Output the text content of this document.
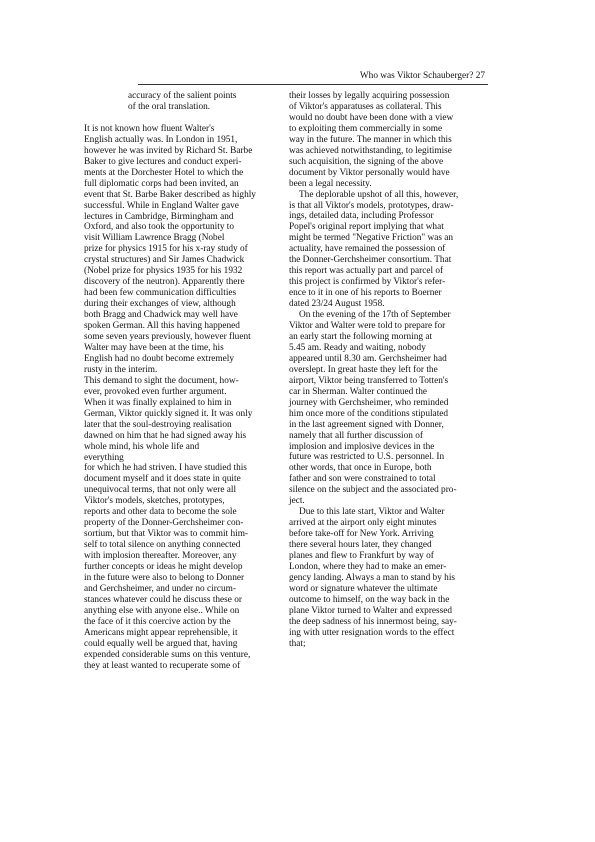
Who was Viktor Schauberger? 27

accuracy of the salient points
of the oral translation.

It is not known how fluent Walter's
English actually was. In London in 1951,
however he was invited by Richard St. Barbe
Baker to give lectures and conduct experi-
ments at the Dorchester Hotel to which the
full diplomatic corps had been invited, an
event that St. Barbe Baker described as highly
successful. While in England Walter gave
lectures in Cambridge, Birmingham and
Oxford, and also took the opportunity to
visit William Lawrence Bragg (Nobel
prize for physics 1915 for his x-ray study of
crystal structures) and Sir James Chadwick
(Nobel prize for physics 1935 for his 1932
discovery of the neutron). Apparently there
had been few communication difficulties
during their exchanges of view, although
both Bragg and Chadwick may well have
spoken German. All this having happened
some seven years previously, however fluent
Walter may have been at the time, his
English had no doubt become extremely
rusty in the interim.

This demand to sight the document, how-
ever, provoked even further argument.
When it was finally explained to him in
German, Viktor quickly signed it. It was only
later that the soul-destroying realisation
dawned on him that he had signed away his
whole mind, his whole life and
everything
for which he had striven. I have studied this
document myself and it does state in quite
unequivocal terms, that not only were all
Viktor's models, sketches, prototypes,
reports and other data to become the sole
property of the Donner-Gerchsheimer con-
sortium, but that Viktor was to commit him-
self to total silence on anything connected
with implosion thereafter. Moreover, any
further concepts or ideas he might develop
in the future were also to belong to Donner
and Gerchsheimer, and under no circum-
stances whatever could he discuss these or
anything else with anyone else.. While on
the face of it this coercive action by the
Americans might appear reprehensible, it
could equally well be argued that, having
expended considerable sums on this venture,
they at least wanted to recuperate some of

their losses by legally acquiring possession
of Viktor's apparatuses as collateral. This
would no doubt have been done with a view
to exploiting them commercially in some
way in the future. The manner in which this
was achieved notwithstanding, to legitimise
such acquisition, the signing of the above
document by Viktor personally would have
been a legal necessity.

The deplorable upshot of all this, however,
is that all Viktor's models, prototypes, draw-
ings, detailed data, including Professor
Popel's original report implying that what
might be termed "Negative Friction" was an
actuality, have remained the possession of
the Donner-Gerchsheimer consortium. That
this report was actually part and parcel of
this project is confirmed by Viktor's refer-
ence to it in one of his reports to Boerner
dated 23/24 August 1958.

On the evening of the 17th of September
Viktor and Walter were told to prepare for
an early start the following morning at
5.45 am. Ready and waiting, nobody
appeared until 8.30 am. Gerchsheimer had
overslept. In great haste they left for the
airport, Viktor being transferred to Totten's
car in Sherman. Walter continued the
journey with Gerchsheimer, who reminded
him once more of the conditions stipulated
in the last agreement signed with Donner,
namely that all further discussion of
implosion and implosive devices in the
future was restricted to U.S. personnel. In
other words, that once in Europe, both
father and son were constrained to total
silence on the subject and the associated pro-
ject.

Due to this late start, Viktor and Walter
arrived at the airport only eight minutes
before take-off for New York. Arriving
there several hours later, they changed
planes and flew to Frankfurt by way of
London, where they had to make an emer-
gency landing. Always a man to stand by his
word or signature whatever the ultimate
outcome to himself, on the way back in the
plane Viktor turned to Walter and expressed
the deep sadness of his innermost being, say-
ing with utter resignation words to the effect
that;
